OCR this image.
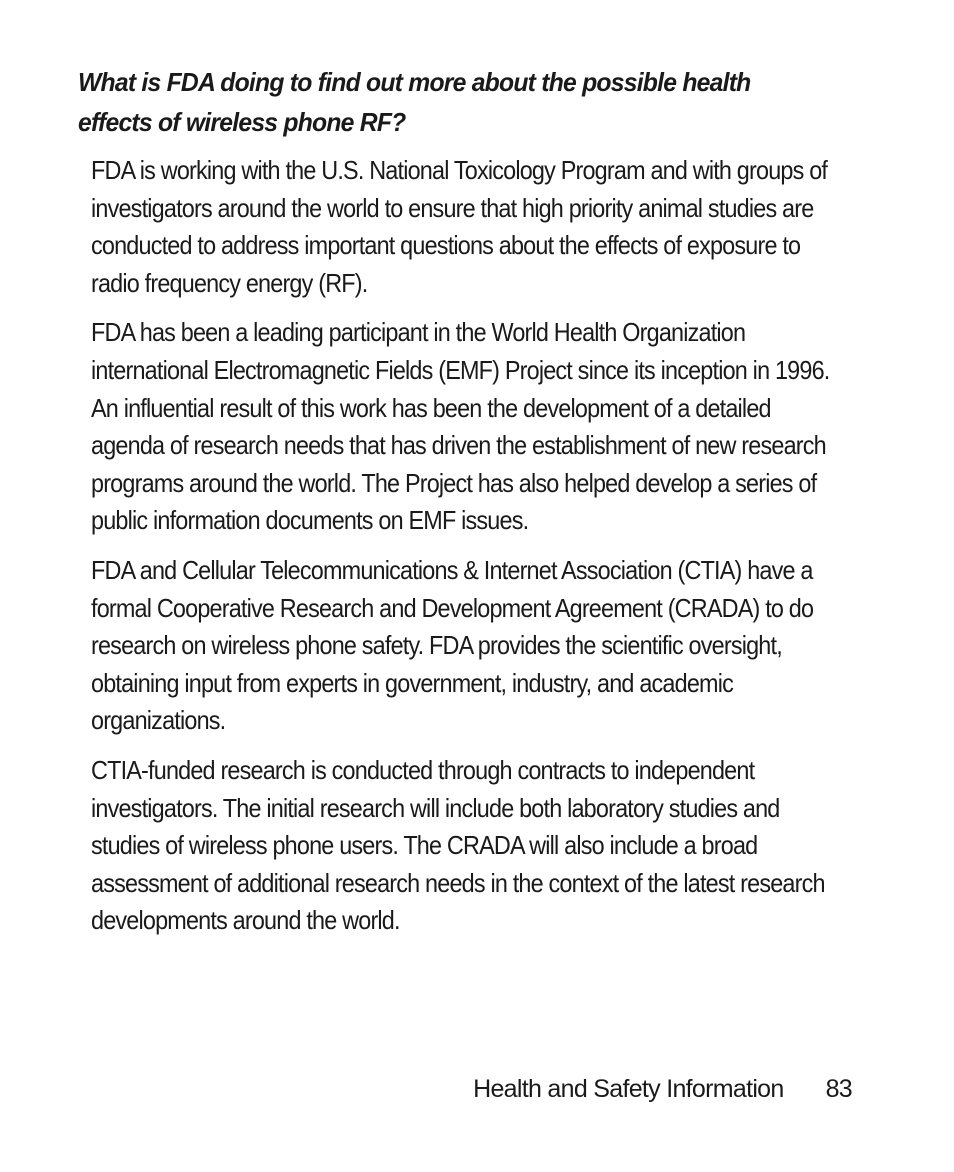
What is FDA doing to find out more about the possible health effects of wireless phone RF?

FDA is working with the U.S. National Toxicology Program and with groups of investigators around the world to ensure that high priority animal studies are conducted to address important questions about the effects of exposure to radio frequency energy (RF).

FDA has been a leading participant in the World Health Organization international Electromagnetic Fields (EMF) Project since its inception in 1996. An influential result of this work has been the development of a detailed agenda of research needs that has driven the establishment of new research programs around the world. The Project has also helped develop a series of public information documents on EMF issues.

FDA and Cellular Telecommunications & Internet Association (CTIA) have a formal Cooperative Research and Development Agreement (CRADA) to do research on wireless phone safety. FDA provides the scientific oversight, obtaining input from experts in government, industry, and academic organizations.

CTIA-funded research is conducted through contracts to independent investigators. The initial research will include both laboratory studies and studies of wireless phone users. The CRADA will also include a broad assessment of additional research needs in the context of the latest research developments around the world.

Health and Safety Information 83
